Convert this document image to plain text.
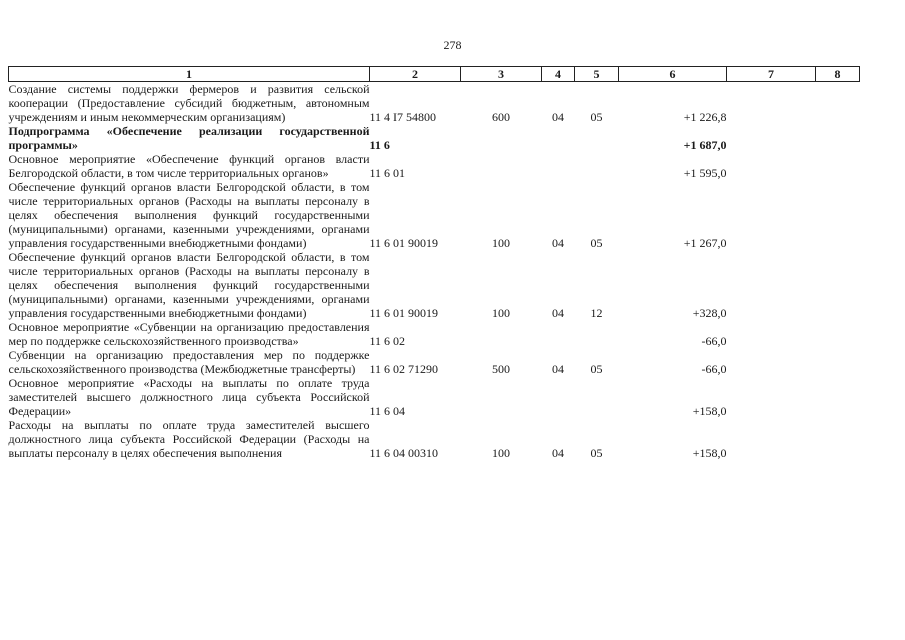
278
1	2	3	4	5	6	7	8
Создание системы поддержки фермеров и развития сельской кооперации (Предоставление субсидий бюджетным, автономным учреждениям и иным некоммерческим организациям)	11 4 I7 54800	600	04	05	+1 226,8		
Подпрограмма «Обеспечение реализации государственной программы»	11 6				+1 687,0		
Основное мероприятие «Обеспечение функций органов власти Белгородской области, в том числе территориальных органов»	11 6 01				+1 595,0		
Обеспечение функций органов власти Белгородской области, в том числе территориальных органов (Расходы на выплаты персоналу в целях обеспечения выполнения функций государственными (муниципальными) органами, казенными учреждениями, органами управления государственными внебюджетными фондами)	11 6 01 90019	100	04	05	+1 267,0		
Обеспечение функций органов власти Белгородской области, в том числе территориальных органов (Расходы на выплаты персоналу в целях обеспечения выполнения функций государственными (муниципальными) органами, казенными учреждениями, органами управления государственными внебюджетными фондами)	11 6 01 90019	100	04	12	+328,0		
Основное мероприятие «Субвенции на организацию предоставления мер по поддержке сельскохозяйственного производства»	11 6 02				-66,0		
Субвенции на организацию предоставления мер по поддержке сельскохозяйственного производства (Межбюджетные трансферты)	11 6 02 71290	500	04	05	-66,0		
Основное мероприятие «Расходы на выплаты по оплате труда заместителей высшего должностного лица субъекта Российской Федерации»	11 6 04				+158,0		
Расходы на выплаты по оплате труда заместителей высшего должностного лица субъекта Российской Федерации (Расходы на выплаты персоналу в целях обеспечения выполнения	11 6 04 00310	100	04	05	+158,0		
